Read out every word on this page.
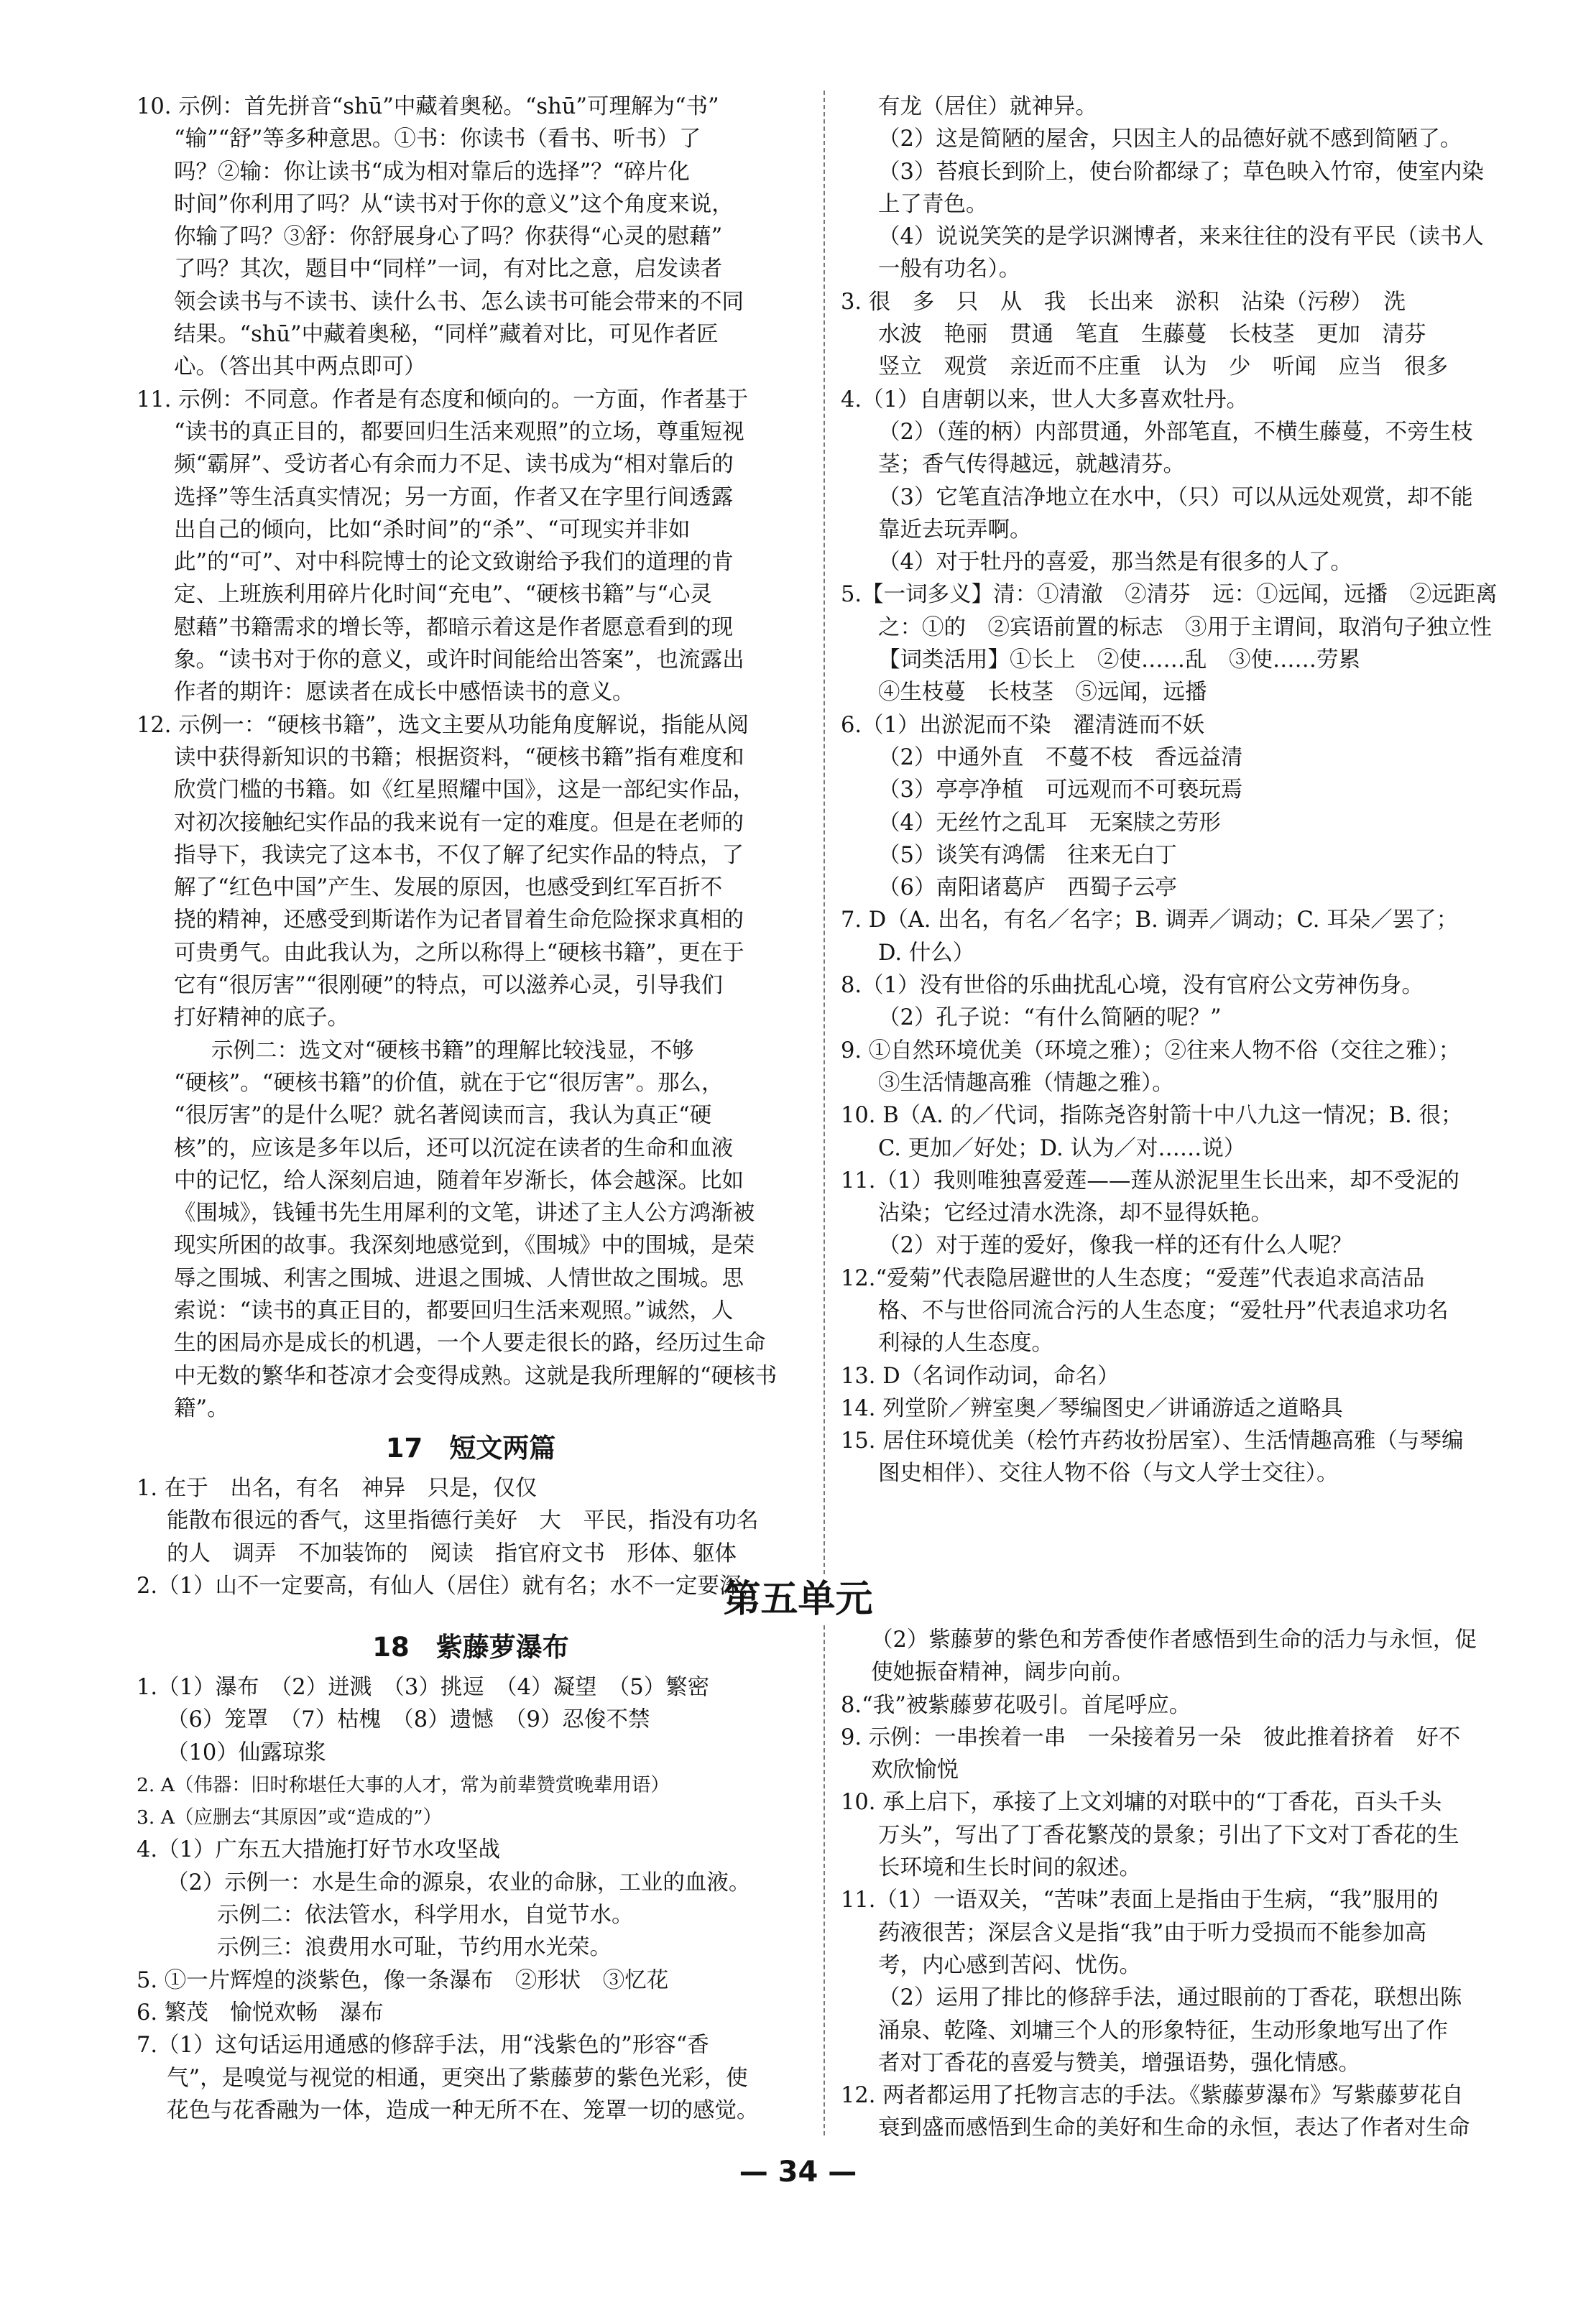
10. 示例：首先拼音“shū”中藏着奥秘。“shū”可理解为“书”
“输”“舒”等多种意思。①书：你读书（看书、听书）了
吗？②输：你让读书“成为相对靠后的选择”？“碎片化
时间”你利用了吗？从“读书对于你的意义”这个角度来说，
你输了吗？③舒：你舒展身心了吗？你获得“心灵的慰藉”
了吗？其次，题目中“同样”一词，有对比之意，启发读者
领会读书与不读书、读什么书、怎么读书可能会带来的不同
结果。“shū”中藏着奥秘，“同样”藏着对比，可见作者匠
心。（答出其中两点即可）
11. 示例：不同意。作者是有态度和倾向的。一方面，作者基于
“读书的真正目的，都要回归生活来观照”的立场，尊重短视
频“霸屏”、受访者心有余而力不足、读书成为“相对靠后的
选择”等生活真实情况；另一方面，作者又在字里行间透露
出自己的倾向，比如“杀时间”的“杀”、“可现实并非如
此”的“可”、对中科院博士的论文致谢给予我们的道理的肯
定、上班族利用碎片化时间“充电”、“硬核书籍”与“心灵
慰藉”书籍需求的增长等，都暗示着这是作者愿意看到的现
象。“读书对于你的意义，或许时间能给出答案”，也流露出
作者的期许：愿读者在成长中感悟读书的意义。
12. 示例一：“硬核书籍”，选文主要从功能角度解说，指能从阅
读中获得新知识的书籍；根据资料，“硬核书籍”指有难度和
欣赏门槛的书籍。如《红星照耀中国》，这是一部纪实作品，
对初次接触纪实作品的我来说有一定的难度。但是在老师的
指导下，我读完了这本书，不仅了解了纪实作品的特点，了
解了“红色中国”产生、发展的原因，也感受到红军百折不
挠的精神，还感受到斯诺作为记者冒着生命危险探求真相的
可贵勇气。由此我认为，之所以称得上“硬核书籍”，更在于
它有“很厉害”“很刚硬”的特点，可以滋养心灵，引导我们
打好精神的底子。
示例二：选文对“硬核书籍”的理解比较浅显，不够
“硬核”。“硬核书籍”的价值，就在于它“很厉害”。那么，
“很厉害”的是什么呢？就名著阅读而言，我认为真正“硬
核”的，应该是多年以后，还可以沉淀在读者的生命和血液
中的记忆，给人深刻启迪，随着年岁渐长，体会越深。比如
《围城》，钱锺书先生用犀利的文笔，讲述了主人公方鸿渐被
现实所困的故事。我深刻地感觉到，《围城》中的围城，是荣
辱之围城、利害之围城、进退之围城、人情世故之围城。思
索说：“读书的真正目的，都要回归生活来观照。”诚然，人
生的困局亦是成长的机遇，一个人要走很长的路，经历过生命
中无数的繁华和苍凉才会变得成熟。这就是我所理解的“硬核书
籍”。
17　短文两篇
1. 在于　出名，有名　神异　只是，仅仅
能散布很远的香气，这里指德行美好　大　平民，指没有功名
的人　调弄　不加装饰的　阅读　指官府文书　形体、躯体
2.（1）山不一定要高，有仙人（居住）就有名；水不一定要深，
有龙（居住）就神异。
（2）这是简陋的屋舍，只因主人的品德好就不感到简陋了。
（3）苔痕长到阶上，使台阶都绿了；草色映入竹帘，使室内染
上了青色。
（4）说说笑笑的是学识渊博者，来来往往的没有平民（读书人
一般有功名）。
3. 很　多　只　从　我　长出来　淤积　沾染（污秽）　洗
水波　艳丽　贯通　笔直　生藤蔓　长枝茎　更加　清芬
竖立　观赏　亲近而不庄重　认为　少　听闻　应当　很多
4.（1）自唐朝以来，世人大多喜欢牡丹。
（2）（莲的柄）内部贯通，外部笔直，不横生藤蔓，不旁生枝
茎；香气传得越远，就越清芬。
（3）它笔直洁净地立在水中，（只）可以从远处观赏，却不能
靠近去玩弄啊。
（4）对于牡丹的喜爱，那当然是有很多的人了。
5.【一词多义】清：①清澈　②清芬　远：①远闻，远播　②远距离
之：①的　②宾语前置的标志　③用于主谓间，取消句子独立性
【词类活用】①长上　②使……乱　③使……劳累
④生枝蔓　长枝茎　⑤远闻，远播
6.（1）出淤泥而不染　濯清涟而不妖
（2）中通外直　不蔓不枝　香远益清
（3）亭亭净植　可远观而不可亵玩焉
（4）无丝竹之乱耳　无案牍之劳形
（5）谈笑有鸿儒　往来无白丁
（6）南阳诸葛庐　西蜀子云亭
7. D（A. 出名，有名／名字；B. 调弄／调动；C. 耳朵／罢了；
D. 什么）
8.（1）没有世俗的乐曲扰乱心境，没有官府公文劳神伤身。
（2）孔子说：“有什么简陋的呢？”
9. ①自然环境优美（环境之雅）；②往来人物不俗（交往之雅）；
③生活情趣高雅（情趣之雅）。
10. B（A. 的／代词，指陈尧咨射箭十中八九这一情况；B. 很；
C. 更加／好处；D. 认为／对……说）
11.（1）我则唯独喜爱莲——莲从淤泥里生长出来，却不受泥的
沾染；它经过清水洗涤，却不显得妖艳。
（2）对于莲的爱好，像我一样的还有什么人呢？
12.“爱菊”代表隐居避世的人生态度；“爱莲”代表追求高洁品
格、不与世俗同流合污的人生态度；“爱牡丹”代表追求功名
利禄的人生态度。
13. D（名词作动词，命名）
14. 列堂阶／辨室奥／琴编图史／讲诵游适之道略具
15. 居住环境优美（桧竹卉药妆扮居室）、生活情趣高雅（与琴编
图史相伴）、交往人物不俗（与文人学士交往）。
第五单元
18　紫藤萝瀑布
1.（1）瀑布　（2）迸溅　（3）挑逗　（4）凝望　（5）繁密
（6）笼罩　（7）枯槐　（8）遗憾　（9）忍俊不禁
（10）仙露琼浆
2. A（伟器：旧时称堪任大事的人才，常为前辈赞赏晚辈用语）
3. A（应删去“其原因”或“造成的”）
4.（1）广东五大措施打好节水攻坚战
（2）示例一：水是生命的源泉，农业的命脉，工业的血液。
示例二：依法管水，科学用水，自觉节水。
示例三：浪费用水可耻，节约用水光荣。
5. ①一片辉煌的淡紫色，像一条瀑布　②形状　③忆花
6. 繁茂　愉悦欢畅　瀑布
7.（1）这句话运用通感的修辞手法，用“浅紫色的”形容“香
气”，是嗅觉与视觉的相通，更突出了紫藤萝的紫色光彩，使
花色与花香融为一体，造成一种无所不在、笼罩一切的感觉。
（2）紫藤萝的紫色和芳香使作者感悟到生命的活力与永恒，促
使她振奋精神，阔步向前。
8.“我”被紫藤萝花吸引。首尾呼应。
9. 示例：一串挨着一串　一朵接着另一朵　彼此推着挤着　好不
欢欣愉悦
10. 承上启下，承接了上文刘墉的对联中的“丁香花，百头千头
万头”，写出了丁香花繁茂的景象；引出了下文对丁香花的生
长环境和生长时间的叙述。
11.（1）一语双关，“苦味”表面上是指由于生病，“我”服用的
药液很苦；深层含义是指“我”由于听力受损而不能参加高
考，内心感到苦闷、忧伤。
（2）运用了排比的修辞手法，通过眼前的丁香花，联想出陈
涌泉、乾隆、刘墉三个人的形象特征，生动形象地写出了作
者对丁香花的喜爱与赞美，增强语势，强化情感。
12. 两者都运用了托物言志的手法。《紫藤萝瀑布》写紫藤萝花自
衰到盛而感悟到生命的美好和生命的永恒，表达了作者对生命
— 34 —
